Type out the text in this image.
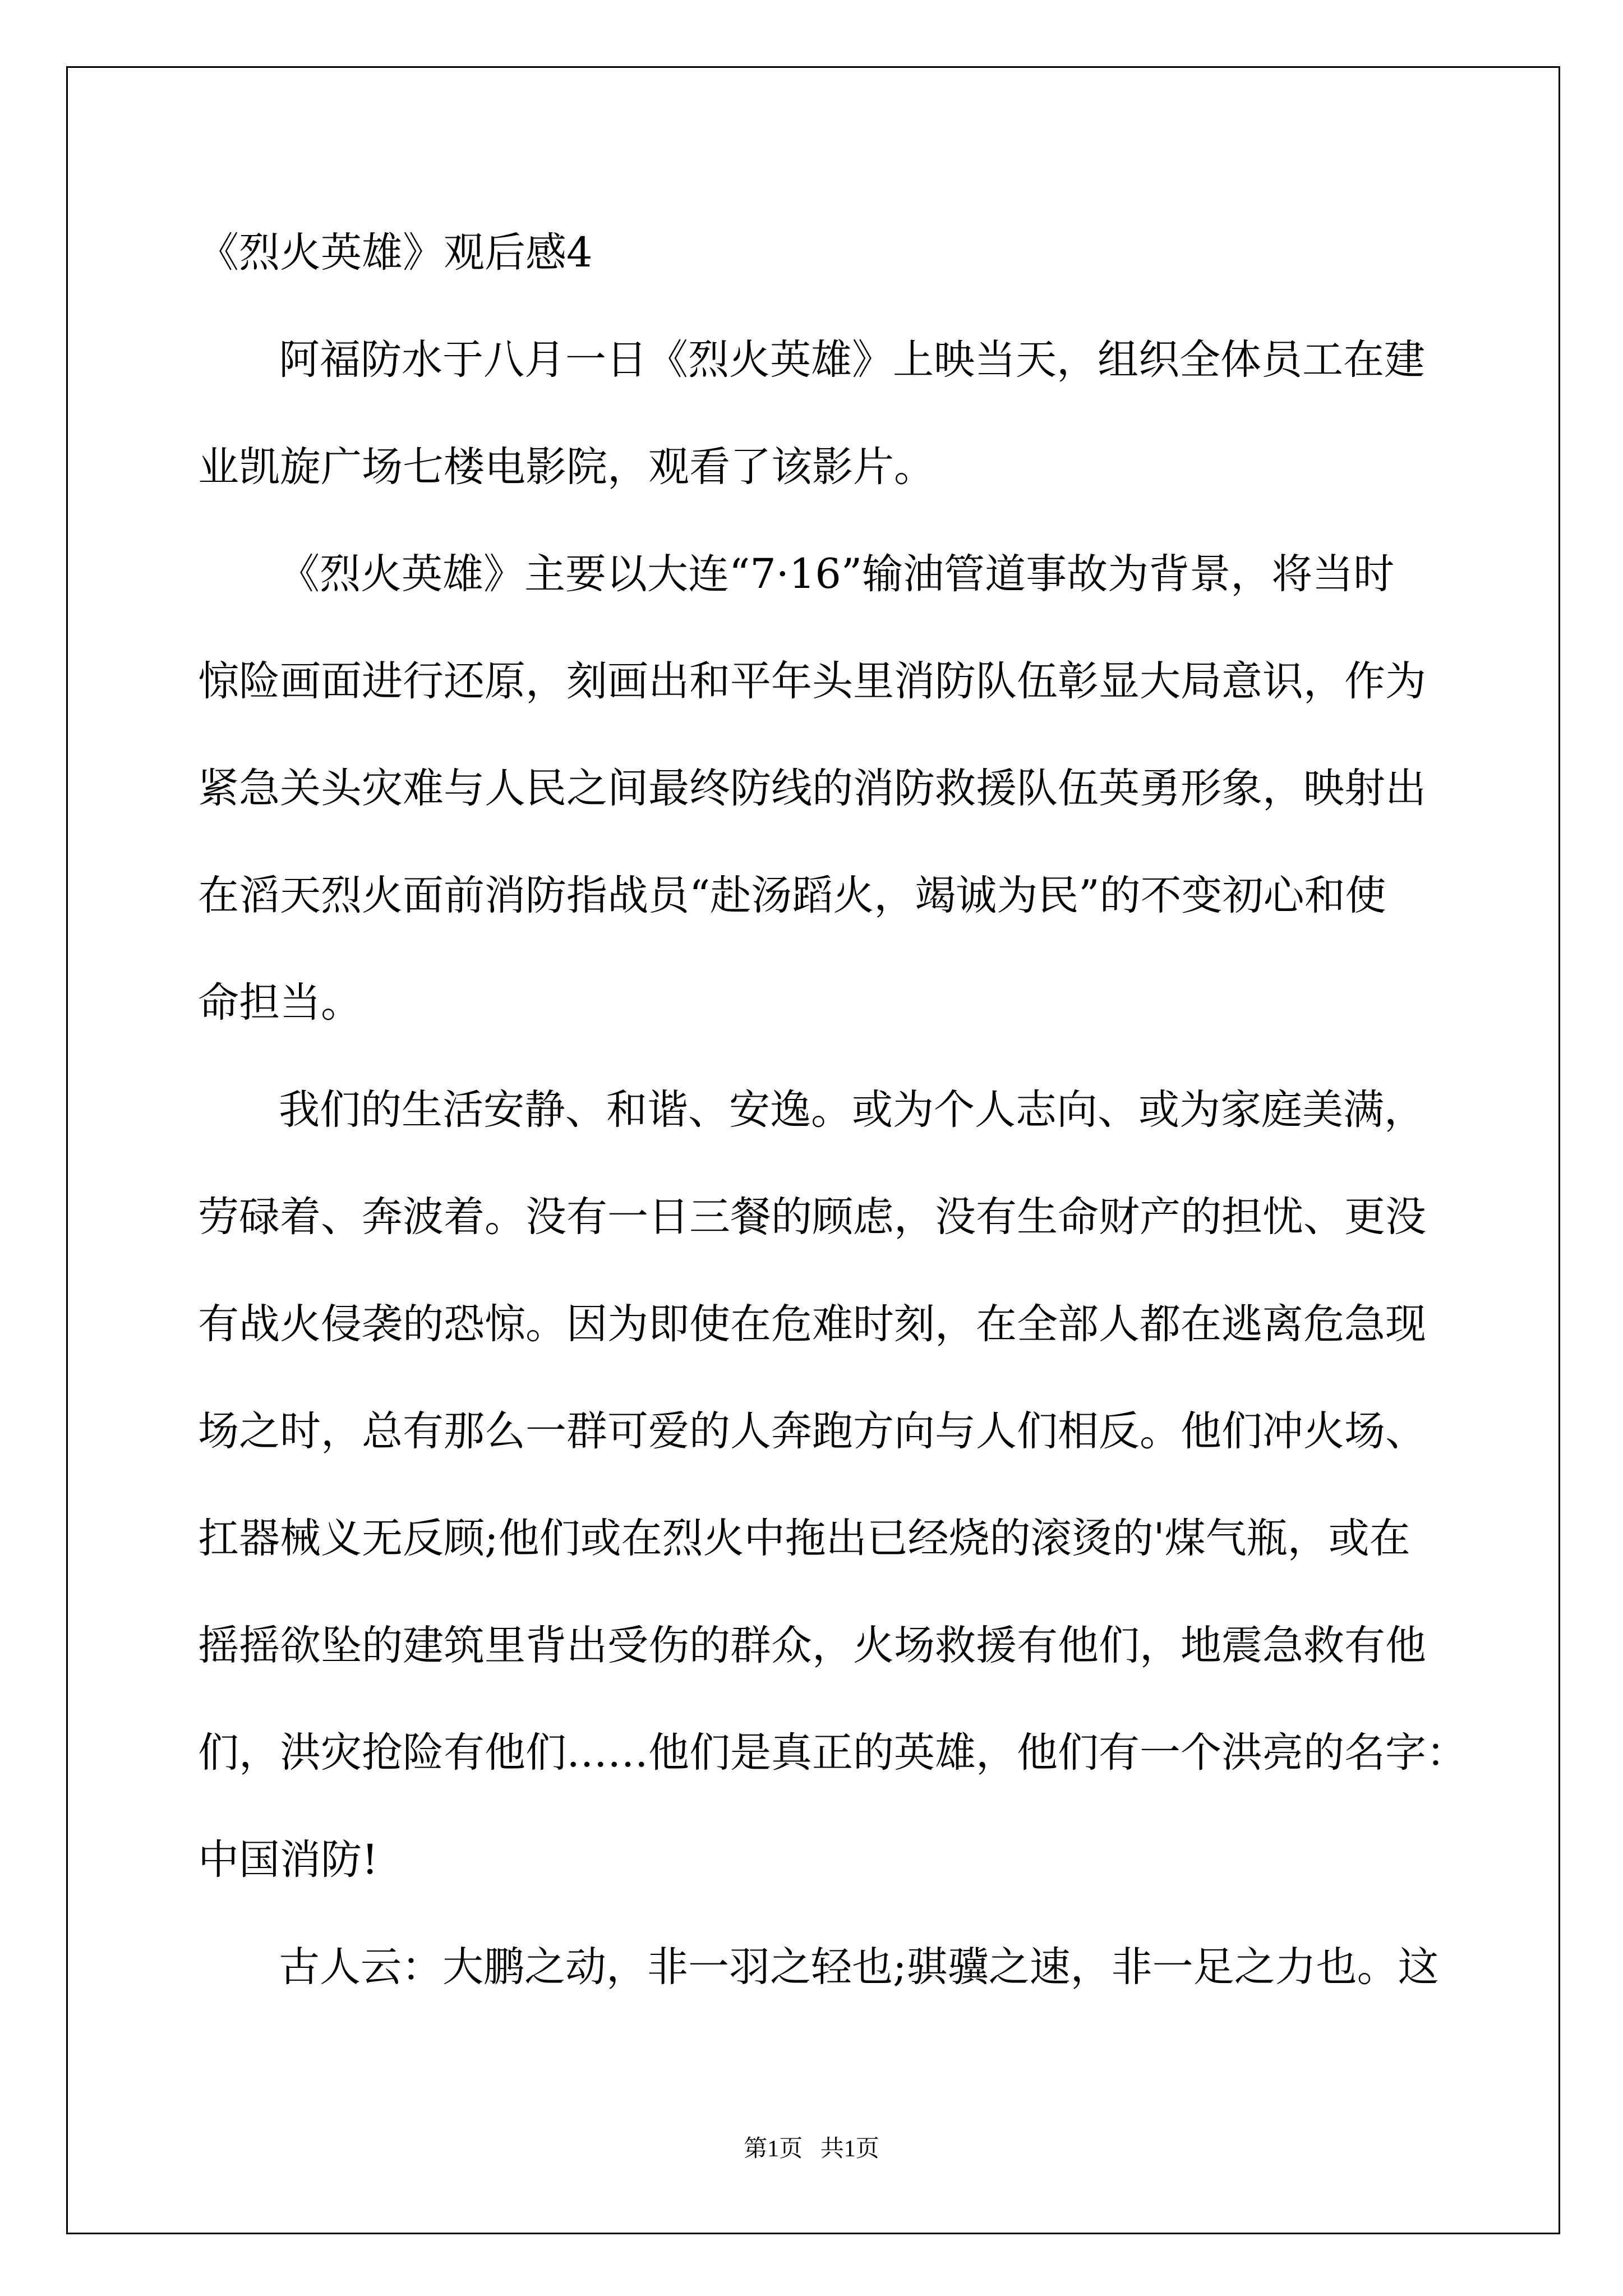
《烈火英雄》观后感4
阿福防水于八月一日《烈火英雄》上映当天，组织全体员工在建
业凯旋广场七楼电影院，观看了该影片。
《烈火英雄》主要以大连“7·16”输油管道事故为背景，将当时
惊险画面进行还原，刻画出和平年头里消防队伍彰显大局意识，作为
紧急关头灾难与人民之间最终防线的消防救援队伍英勇形象，映射出
在滔天烈火面前消防指战员“赴汤蹈火，竭诚为民”的不变初心和使
命担当。
我们的生活安静、和谐、安逸。或为个人志向、或为家庭美满，
劳碌着、奔波着。没有一日三餐的顾虑，没有生命财产的担忧、更没
有战火侵袭的恐惊。因为即使在危难时刻，在全部人都在逃离危急现
场之时，总有那么一群可爱的人奔跑方向与人们相反。他们冲火场、
扛器械义无反顾;他们或在烈火中拖出已经烧的滚烫的'煤气瓶，或在
摇摇欲坠的建筑里背出受伤的群众，火场救援有他们，地震急救有他
们，洪灾抢险有他们……他们是真正的英雄，他们有一个洪亮的名字：
中国消防!
古人云：大鹏之动，非一羽之轻也;骐骥之速，非一足之力也。这
第1页   共1页
